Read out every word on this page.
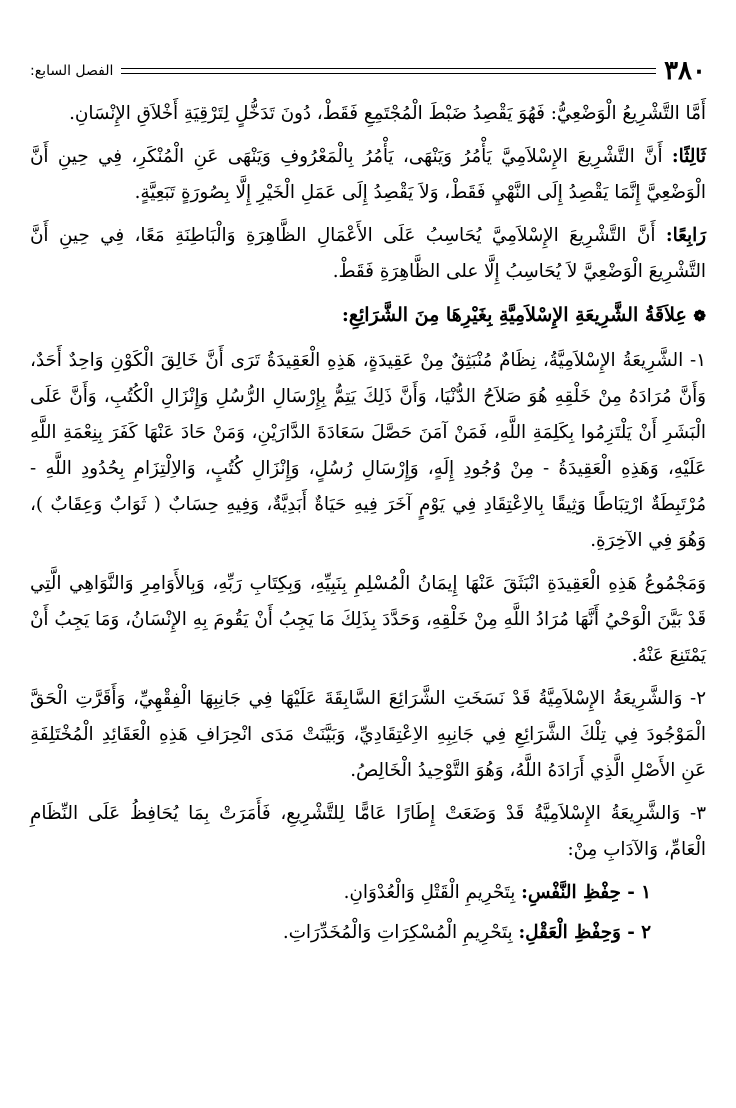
الفصل السابع:	٣٨٠

أَمَّا التَّشْرِيعُ الْوَضْعِيُّ: فَهُوَ يَقْصِدُ ضَبْطَ الْمُجْتَمِعِ فَقَطْ، دُونَ تَدَخُّلٍ لِتَرْقِيَةِ أَخْلاَقِ الإِنْسَانِ.

ثَالِثًا: أَنَّ التَّشْرِيعَ الإِسْلاَمِيَّ يَأْمُرُ وَيَنْهَى، يَأْمُرُ بِالْمَعْرُوفِ وَيَنْهَى عَنِ الْمُنْكَرِ، فِي حِينِ أَنَّ الْوَضْعِيَّ إِنَّمَا يَقْصِدُ إِلَى النَّهْيِ فَقَطْ، وَلاَ يَقْصِدُ إِلَى عَمَلِ الْخَيْرِ إِلَّا بِصُورَةٍ تَبَعِيَّةٍ.

رَابِعًا: أَنَّ التَّشْرِيعَ الإِسْلاَمِيَّ يُحَاسِبُ عَلَى الأَعْمَالِ الظَّاهِرَةِ وَالْبَاطِنَةِ مَعًا، فِي حِينِ أَنَّ التَّشْرِيعَ الْوَضْعِيَّ لاَ يُحَاسِبُ إِلَّا على الظَّاهِرَةِ فَقَطْ.

❁ عِلاَقَةُ الشَّرِيعَةِ الإِسْلاَمِيَّةِ بِغَيْرِهَا مِنَ الشَّرَائِعِ:

١- الشَّرِيعَةُ الإِسْلاَمِيَّةُ، نِظَامٌ مُنْبَثِقٌ مِنْ عَقِيدَةٍ، هَذِهِ الْعَقِيدَةُ تَرَى أَنَّ خَالِقَ الْكَوْنِ وَاحِدٌ أَحَدٌ، وَأَنَّ مُرَادَهُ مِنْ خَلْقِهِ هُوَ صَلاَحُ الدُّنْيَا، وَأَنَّ ذَلِكَ يَتِمُّ بِإِرْسَالِ الرُّسُلِ وَإِنْزَالِ الْكُتُبِ، وَأَنَّ عَلَى الْبَشَرِ أَنْ يَلْتَزِمُوا بِكَلِمَةِ اللَّهِ، فَمَنْ آمَنَ حَصَّلَ سَعَادَةَ الدَّارَيْنِ، وَمَنْ حَادَ عَنْهَا كَفَرَ بِنِعْمَةِ اللَّهِ عَلَيْهِ، وَهَذِهِ الْعَقِيدَةُ - مِنْ وُجُودِ إِلَهٍ، وَإِرْسَالِ رُسُلٍ، وَإِنْزَالِ كُتُبٍ، وَالاِلْتِزَامِ بِحُدُودِ اللَّهِ - مُرْتَبِطَةٌ ارْتِبَاطًا وَثِيقًا بِالاِعْتِقَادِ فِي يَوْمٍ آخَرَ فِيهِ حَيَاةٌ أَبَدِيَّةٌ، وَفِيهِ حِسَابٌ ( ثَوَابٌ وَعِقَابٌ )، وَهُوَ فِي الآخِرَةِ.

وَمَجْمُوعُ هَذِهِ الْعَقِيدَةِ انْبَثَقَ عَنْهَا إِيمَانُ الْمُسْلِمِ بِنَبِيِّهِ، وَبِكِتَابِ رَبِّهِ، وَبِالأَوَامِرِ وَالنَّوَاهِي الَّتِي قَدْ بَيَّنَ الْوَحْيُ أَنَّهَا مُرَادُ اللَّهِ مِنْ خَلْقِهِ، وَحَدَّدَ بِذَلِكَ مَا يَجِبُ أَنْ يَقُومَ بِهِ الإِنْسَانُ، وَمَا يَجِبُ أَنْ يَمْتَنِعَ عَنْهُ.

٢- وَالشَّرِيعَةُ الإِسْلاَمِيَّةُ قَدْ نَسَخَتِ الشَّرَائِعَ السَّابِقَةَ عَلَيْهَا فِي جَانِبِهَا الْفِقْهِيِّ، وَأَقَرَّتِ الْحَقَّ الْمَوْجُودَ فِي تِلْكَ الشَّرَائِعِ فِي جَانِبِهِ الاِعْتِقَادِيِّ، وَبَيَّنَتْ مَدَى انْحِرَافِ هَذِهِ الْعَقَائِدِ الْمُخْتَلِفَةِ عَنِ الأَصْلِ الَّذِي أَرَادَهُ اللَّهُ، وَهُوَ التَّوْحِيدُ الْخَالِصُ.

٣- وَالشَّرِيعَةُ الإِسْلاَمِيَّةُ قَدْ وَضَعَتْ إِطَارًا عَامًّا لِلتَّشْرِيعِ، فَأَمَرَتْ بِمَا يُحَافِظُ عَلَى النِّظَامِ الْعَامِّ، وَالآدَابِ مِنْ:

١ - حِفْظِ النَّفْسِ: بِتَحْرِيمِ الْقَتْلِ وَالْعُدْوَانِ.

٢ - وَحِفْظِ الْعَقْلِ: بِتَحْرِيمِ الْمُسْكِرَاتِ وَالْمُخَدِّرَاتِ.
